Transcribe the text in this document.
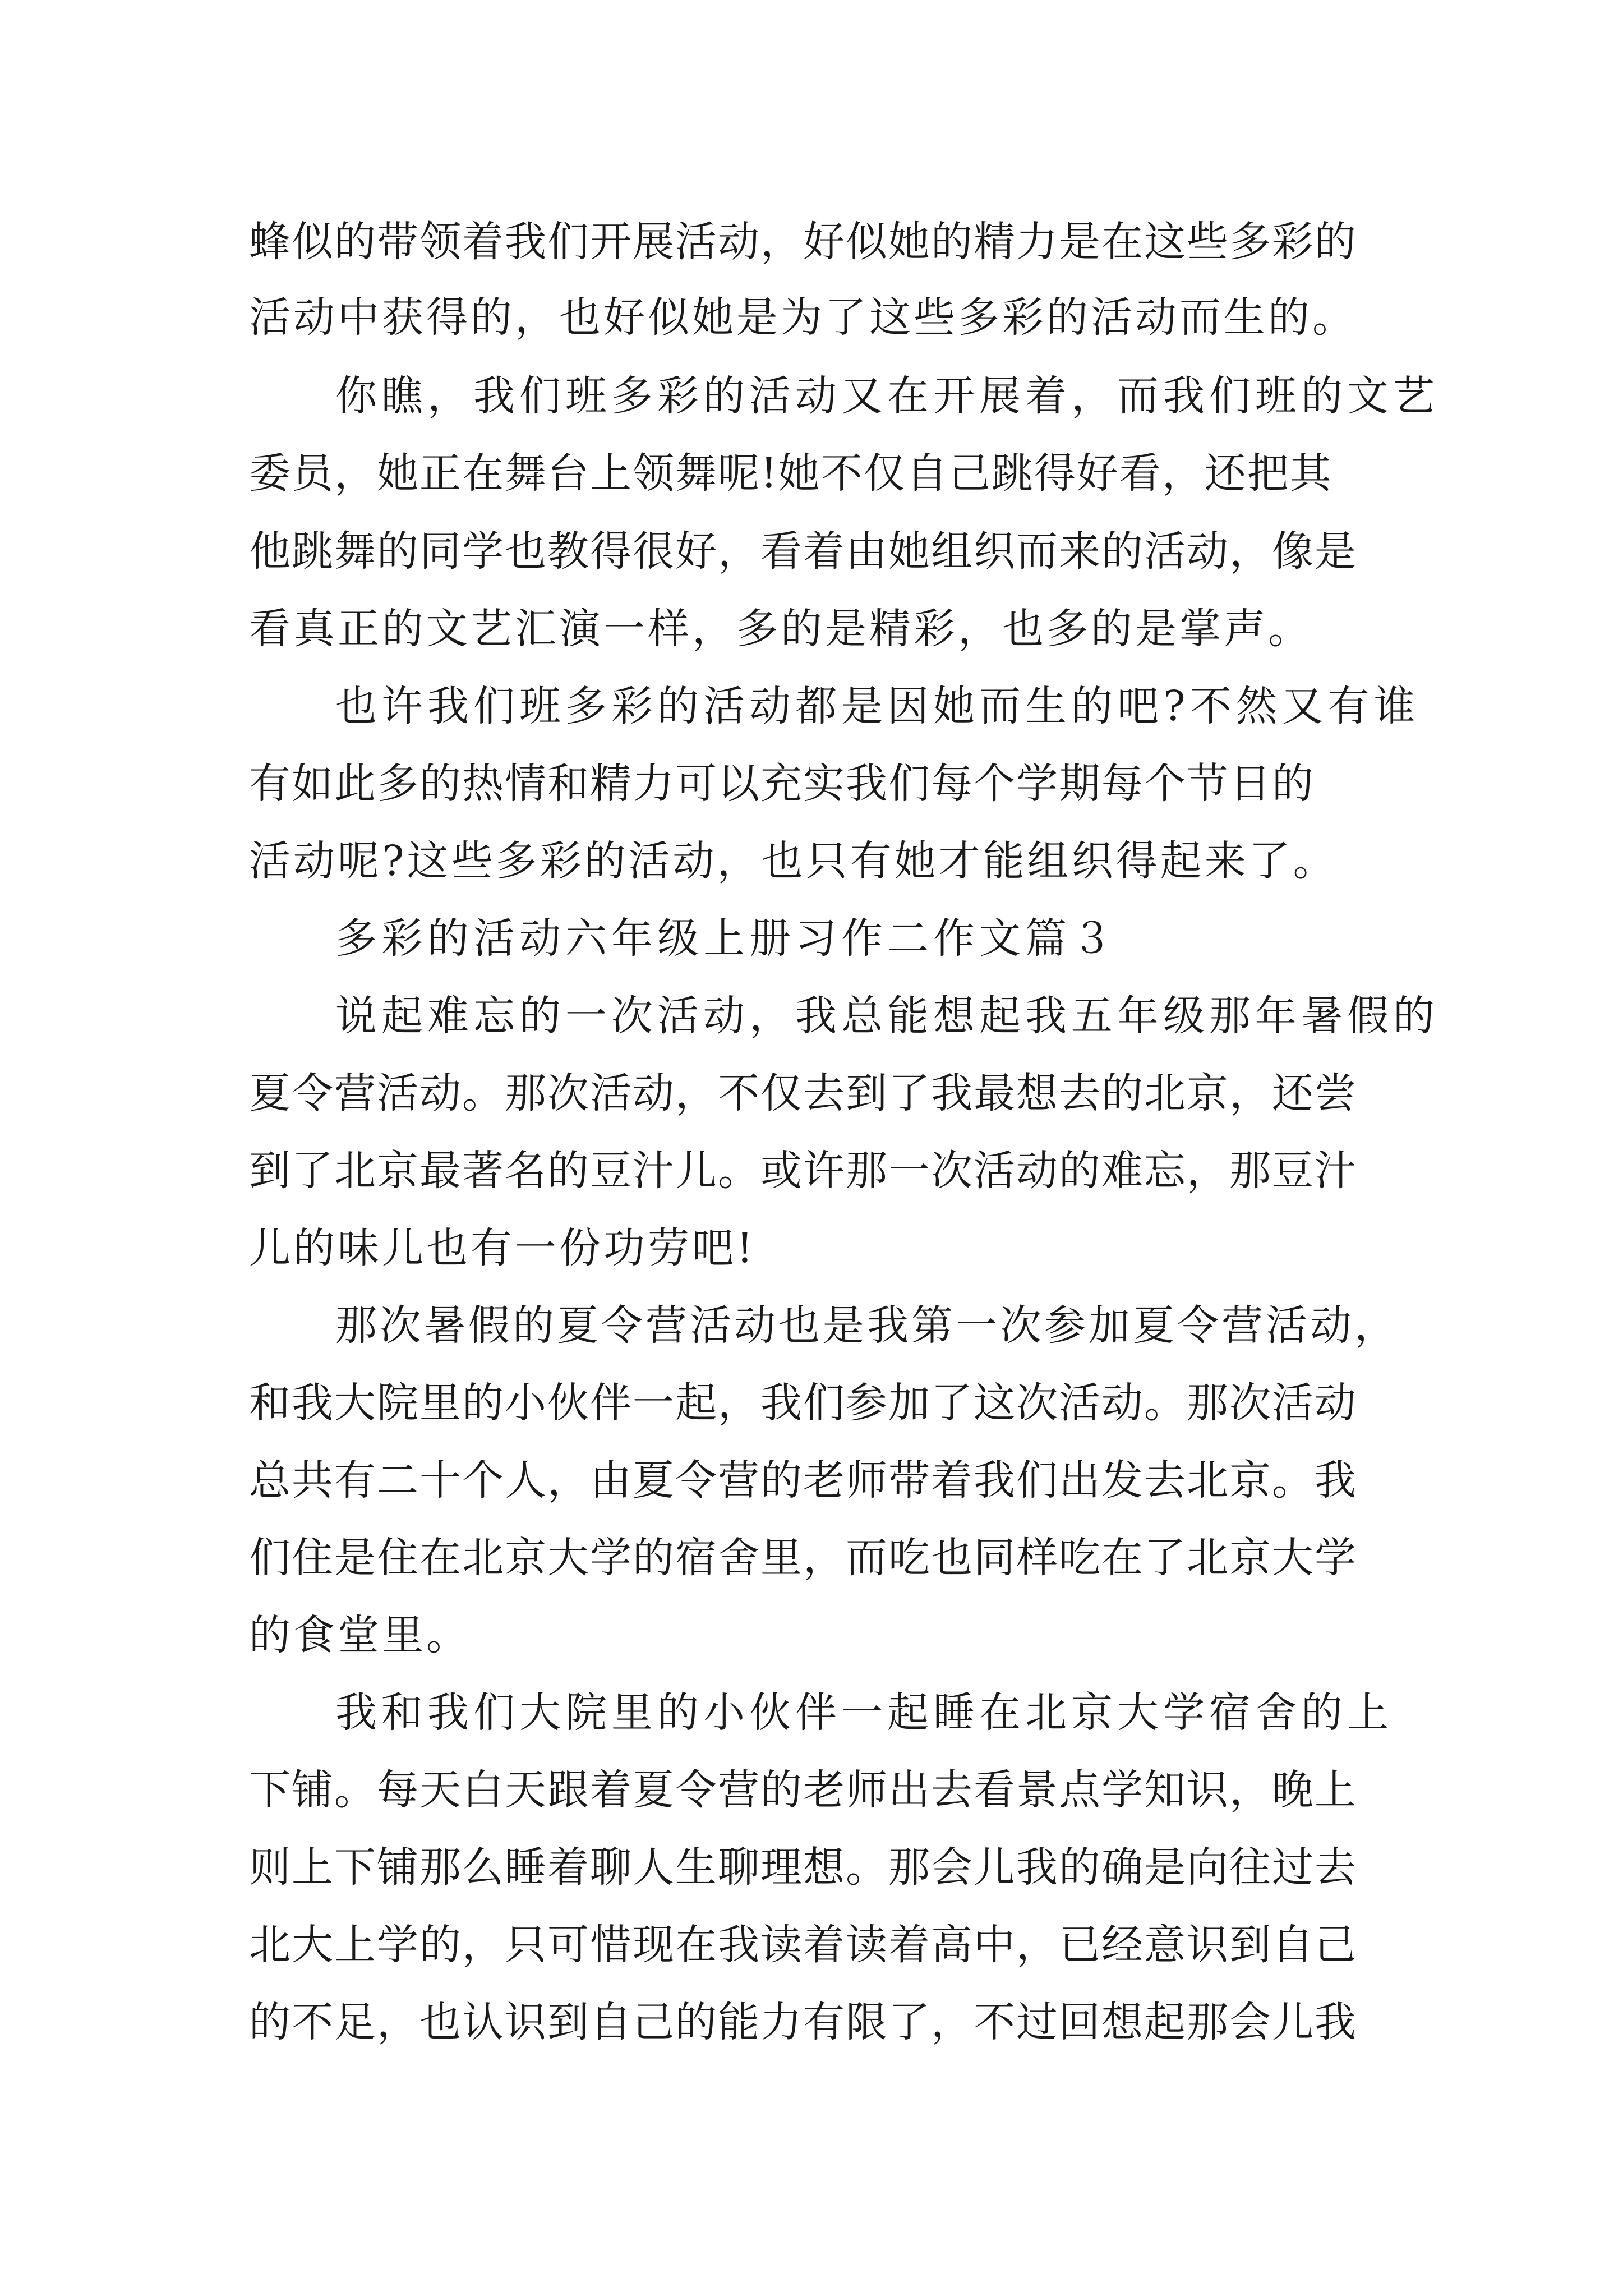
蜂似的带领着我们开展活动，好似她的精力是在这些多彩的
活动中获得的，也好似她是为了这些多彩的活动而生的。
你瞧，我们班多彩的活动又在开展着，而我们班的文艺
委员，她正在舞台上领舞呢!她不仅自己跳得好看，还把其
他跳舞的同学也教得很好，看着由她组织而来的活动，像是
看真正的文艺汇演一样，多的是精彩，也多的是掌声。
也许我们班多彩的活动都是因她而生的吧?不然又有谁
有如此多的热情和精力可以充实我们每个学期每个节日的
活动呢?这些多彩的活动，也只有她才能组织得起来了。
多彩的活动六年级上册习作二作文篇３
说起难忘的一次活动，我总能想起我五年级那年暑假的
夏令营活动。那次活动，不仅去到了我最想去的北京，还尝
到了北京最著名的豆汁儿。或许那一次活动的难忘，那豆汁
儿的味儿也有一份功劳吧!
那次暑假的夏令营活动也是我第一次参加夏令营活动，
和我大院里的小伙伴一起，我们参加了这次活动。那次活动
总共有二十个人，由夏令营的老师带着我们出发去北京。我
们住是住在北京大学的宿舍里，而吃也同样吃在了北京大学
的食堂里。
我和我们大院里的小伙伴一起睡在北京大学宿舍的上
下铺。每天白天跟着夏令营的老师出去看景点学知识，晚上
则上下铺那么睡着聊人生聊理想。那会儿我的确是向往过去
北大上学的，只可惜现在我读着读着高中，已经意识到自己
的不足，也认识到自己的能力有限了，不过回想起那会儿我
